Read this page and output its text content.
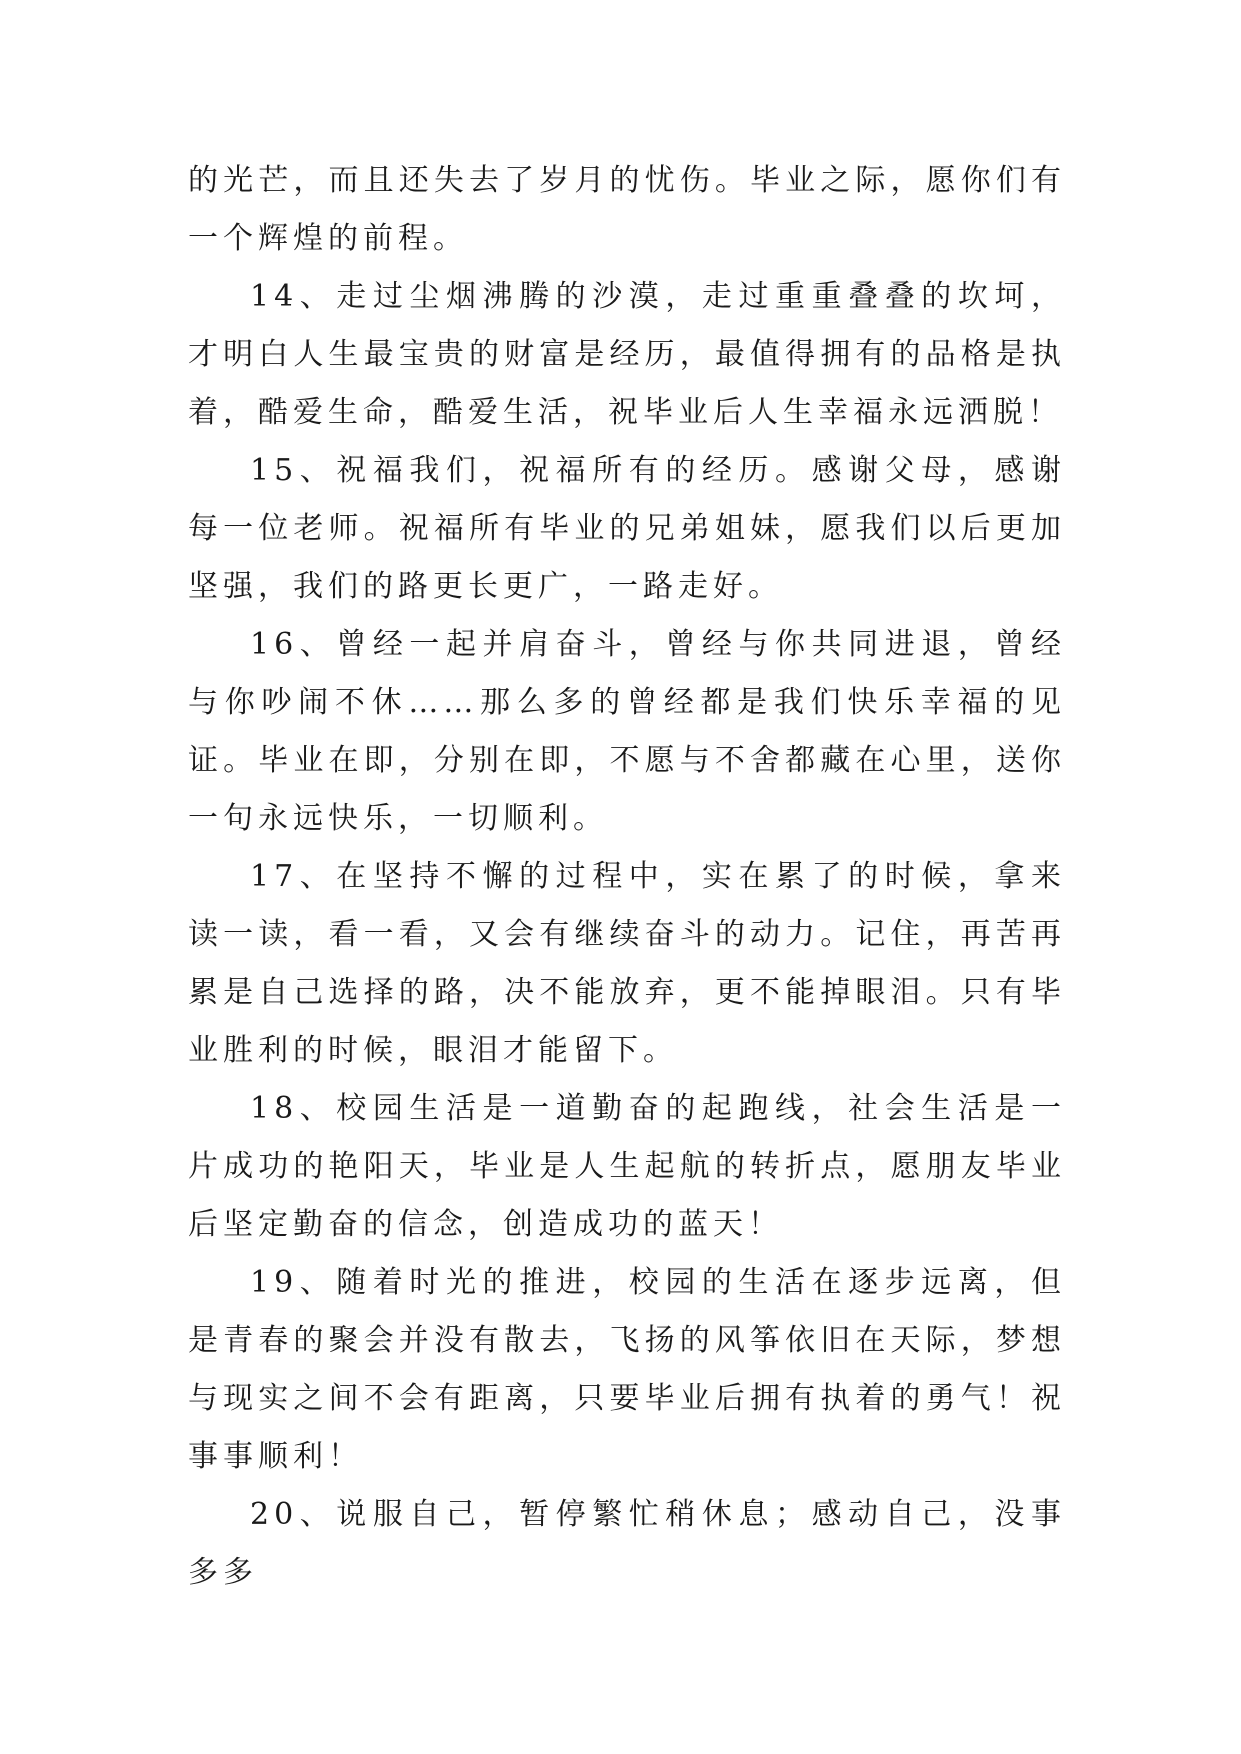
的光芒，而且还失去了岁月的忧伤。毕业之际，愿你们有一个辉煌的前程。

14、走过尘烟沸腾的沙漠，走过重重叠叠的坎坷，才明白人生最宝贵的财富是经历，最值得拥有的品格是执着，酷爱生命，酷爱生活，祝毕业后人生幸福永远洒脱！

15、祝福我们，祝福所有的经历。感谢父母，感谢每一位老师。祝福所有毕业的兄弟姐妹，愿我们以后更加坚强，我们的路更长更广，一路走好。

16、曾经一起并肩奋斗，曾经与你共同进退，曾经与你吵闹不休……那么多的曾经都是我们快乐幸福的见证。毕业在即，分别在即，不愿与不舍都藏在心里，送你一句永远快乐，一切顺利。

17、在坚持不懈的过程中，实在累了的时候，拿来读一读，看一看，又会有继续奋斗的动力。记住，再苦再累是自己选择的路，决不能放弃，更不能掉眼泪。只有毕业胜利的时候，眼泪才能留下。

18、校园生活是一道勤奋的起跑线，社会生活是一片成功的艳阳天，毕业是人生起航的转折点，愿朋友毕业后坚定勤奋的信念，创造成功的蓝天！

19、随着时光的推进，校园的生活在逐步远离，但是青春的聚会并没有散去，飞扬的风筝依旧在天际，梦想与现实之间不会有距离，只要毕业后拥有执着的勇气！祝事事顺利！

20、说服自己，暂停繁忙稍休息；感动自己，没事多多
